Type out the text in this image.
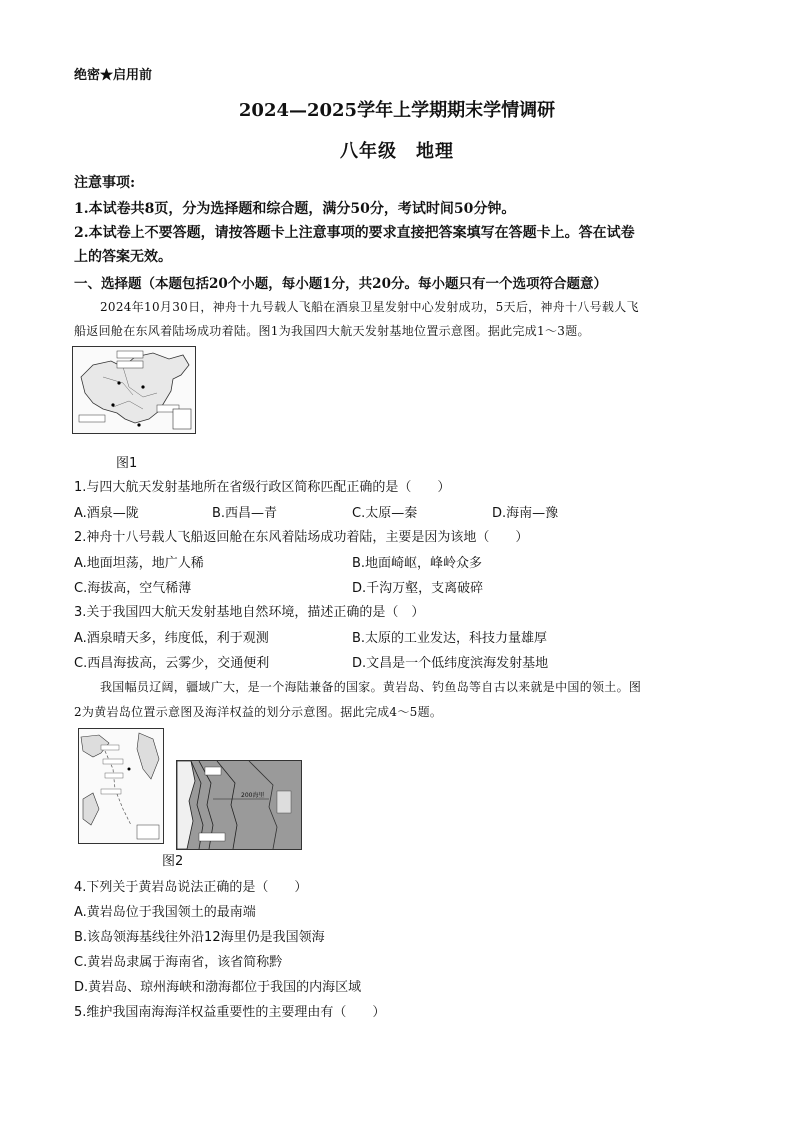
绝密★启用前
2024—2025学年上学期期末学情调研
八年级　地理
注意事项:
1.本试卷共8页，分为选择题和综合题，满分50分，考试时间50分钟。
2.本试卷上不要答题，请按答题卡上注意事项的要求直接把答案填写在答题卡上。答在试卷
上的答案无效。
一、选择题（本题包括20个小题，每小题1分，共20分。每小题只有一个选项符合题意）
2024年10月30日，神舟十九号载人飞船在酒泉卫星发射中心发射成功，5天后，神舟十八号载人飞
船返回舱在东风着陆场成功着陆。图1为我国四大航天发射基地位置示意图。据此完成1～3题。
图1
1.与四大航天发射基地所在省级行政区简称匹配正确的是（　　）
A.酒泉—陇	B.西昌—青	C.太原—秦	D.海南—豫
2.神舟十八号载人飞船返回舱在东风着陆场成功着陆，主要是因为该地（　　）
A.地面坦荡，地广人稀	B.地面崎岖，峰岭众多
C.海拔高，空气稀薄	D.千沟万壑，支离破碎
3.关于我国四大航天发射基地自然环境，描述正确的是（　）
A.酒泉晴天多，纬度低，利于观测	B.太原的工业发达，科技力量雄厚
C.西昌海拔高，云雾少，交通便利	D.文昌是一个低纬度滨海发射基地
我国幅员辽阔，疆域广大，是一个海陆兼备的国家。黄岩岛、钓鱼岛等自古以来就是中国的领土。图
2为黄岩岛位置示意图及海洋权益的划分示意图。据此完成4～5题。
200海里
图2
4.下列关于黄岩岛说法正确的是（　　）
A.黄岩岛位于我国领土的最南端
B.该岛领海基线往外沿12海里仍是我国领海
C.黄岩岛隶属于海南省，该省简称黔
D.黄岩岛、琼州海峡和渤海都位于我国的内海区域
5.维护我国南海海洋权益重要性的主要理由有（　　）
